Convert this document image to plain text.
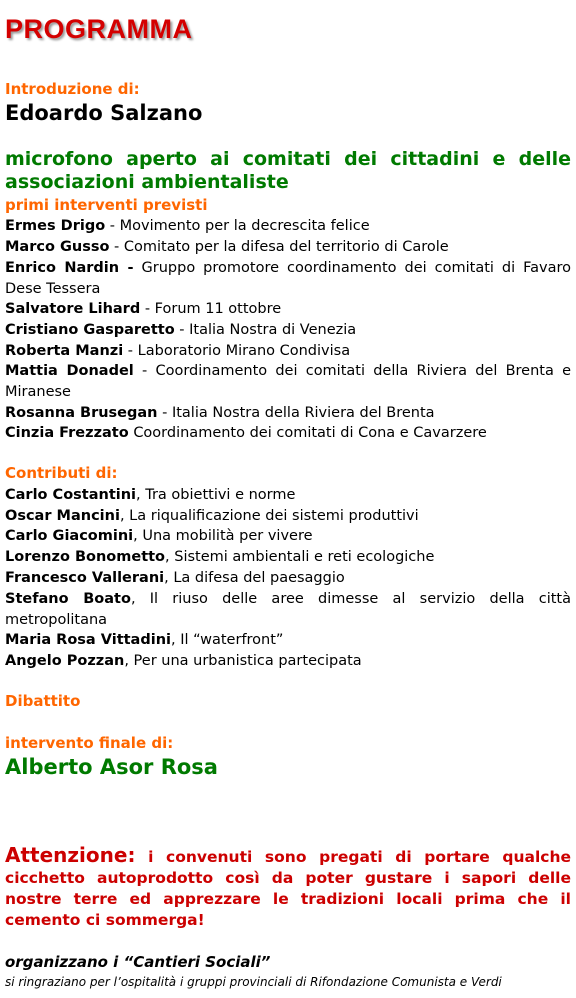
PROGRAMMA
Introduzione di:
Edoardo Salzano
microfono aperto ai comitati dei cittadini e delle associazioni ambientaliste
primi interventi previsti
Ermes Drigo - Movimento per la decrescita felice
Marco Gusso - Comitato per la difesa del territorio di Carole
Enrico Nardin - Gruppo promotore coordinamento dei comitati di Favaro Dese Tessera
Salvatore Lihard - Forum 11 ottobre
Cristiano Gasparetto - Italia Nostra di Venezia
Roberta Manzi - Laboratorio Mirano Condivisa
Mattia Donadel - Coordinamento dei comitati della Riviera del Brenta e Miranese
Rosanna Brusegan - Italia Nostra della Riviera del Brenta
Cinzia Frezzato Coordinamento dei comitati di Cona e Cavarzere
Contributi di:
Carlo Costantini, Tra obiettivi e norme
Oscar Mancini, La riqualificazione dei sistemi produttivi
Carlo Giacomini, Una mobilità per vivere
Lorenzo Bonometto, Sistemi ambientali e reti ecologiche
Francesco Vallerani, La difesa del paesaggio
Stefano Boato, Il riuso delle aree dimesse al servizio della città metropolitana
Maria Rosa Vittadini, Il “waterfront”
Angelo Pozzan, Per una urbanistica partecipata
Dibattito
intervento finale di:
Alberto Asor Rosa
Attenzione: i convenuti sono pregati di portare qualche cicchetto autoprodotto così da poter gustare i sapori delle nostre terre ed apprezzare le tradizioni locali prima che il cemento ci sommerga!
organizzano i “Cantieri Sociali”
si ringraziano per l’ospitalità i gruppi provinciali di Rifondazione Comunista e Verdi
